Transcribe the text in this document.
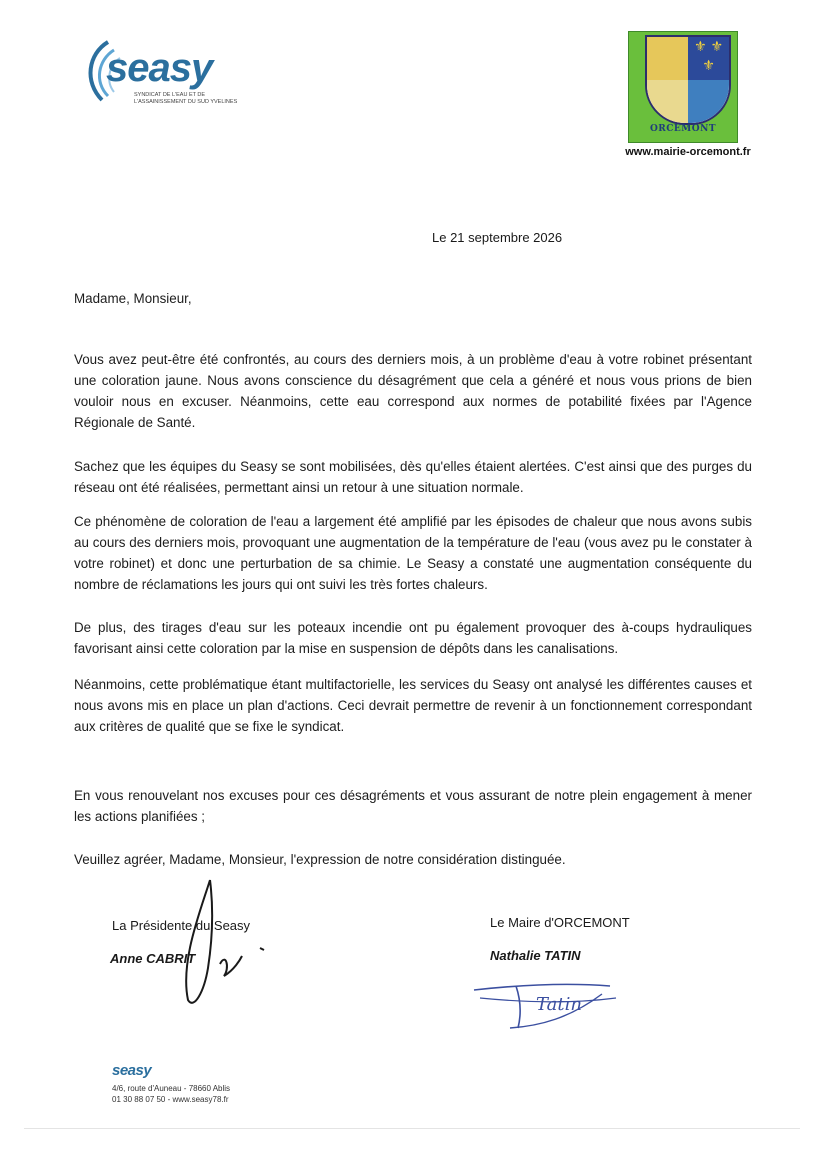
seasy
SYNDICAT DE L'EAU ET DE L'ASSAINISSEMENT DU SUD YVELINES
⚜ ⚜
⚜
ORCEMONT
www.mairie-orcemont.fr
Le 21 septembre 2026
Madame, Monsieur,
Vous avez peut-être été confrontés, au cours des derniers mois, à un problème d'eau à votre robinet présentant une coloration jaune. Nous avons conscience du désagrément que cela a généré et nous vous prions de bien vouloir nous en excuser. Néanmoins, cette eau correspond aux normes de potabilité fixées par l'Agence Régionale de Santé.
Sachez que les équipes du Seasy se sont mobilisées, dès qu'elles étaient alertées. C'est ainsi que des purges du réseau ont été réalisées, permettant ainsi un retour à une situation normale.
Ce phénomène de coloration de l'eau a largement été amplifié par les épisodes de chaleur que nous avons subis au cours des derniers mois, provoquant une augmentation de la température de l'eau (vous avez pu le constater à votre robinet) et donc une perturbation de sa chimie. Le Seasy a constaté une augmentation conséquente du nombre de réclamations les jours qui ont suivi les très fortes chaleurs.
De plus, des tirages d'eau sur les poteaux incendie ont pu également provoquer des à-coups hydrauliques favorisant ainsi cette coloration par la mise en suspension de dépôts dans les canalisations.
Néanmoins, cette problématique étant multifactorielle, les services du Seasy ont analysé les différentes causes et nous avons mis en place un plan d'actions. Ceci devrait permettre de revenir à un fonctionnement correspondant aux critères de qualité que se fixe le syndicat.
En vous renouvelant nos excuses pour ces désagréments et vous assurant de notre plein engagement à mener les actions planifiées ;
Veuillez agréer, Madame, Monsieur, l'expression de notre considération distinguée.
La Présidente du Seasy
Anne CABRIT
Le Maire d'ORCEMONT
Nathalie TATIN
Tatin
seasy
4/6, route d'Auneau - 78660 Ablis
01 30 88 07 50 - www.seasy78.fr
